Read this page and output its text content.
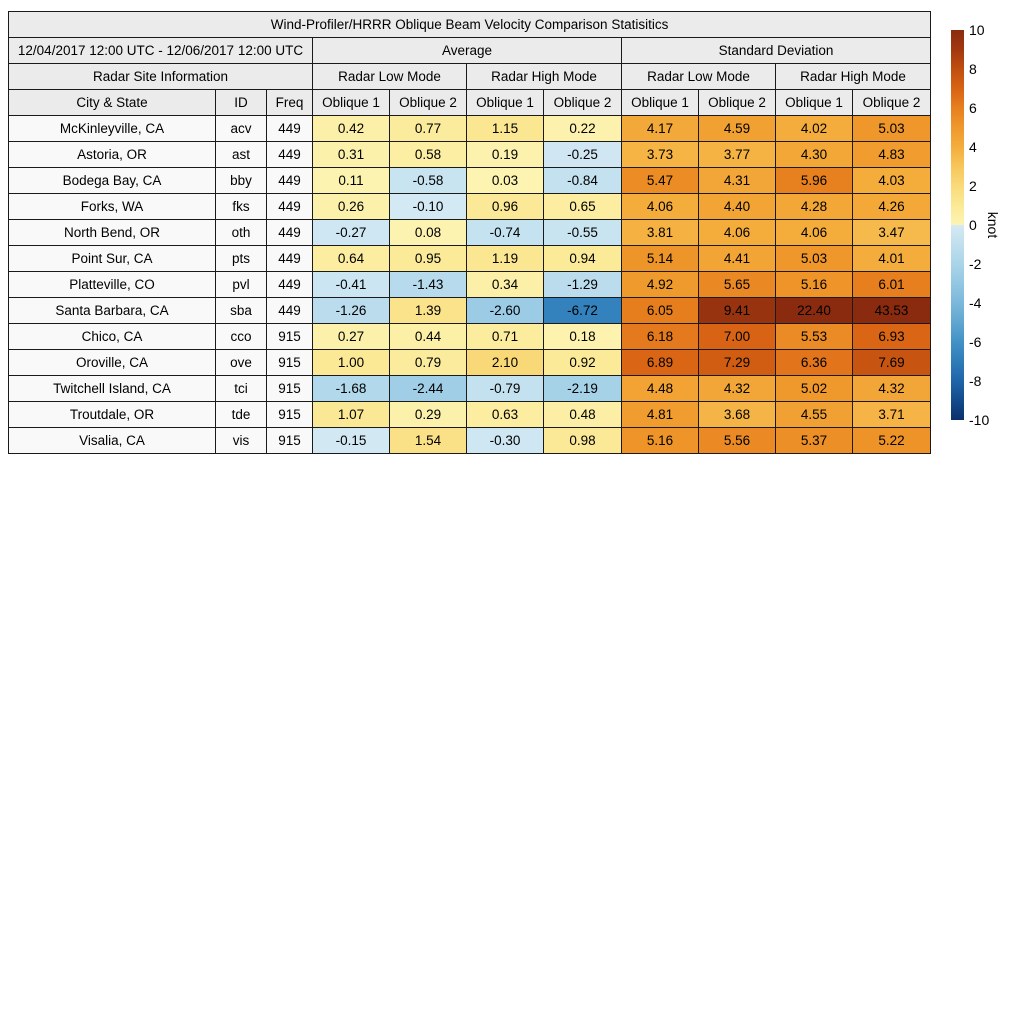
Wind-Profiler/HRRR Oblique Beam Velocity Comparison Statisitics										
12/04/2017 12:00 UTC - 12/06/2017 12:00 UTC			Average				Standard Deviation			
Radar Site Information			Radar Low Mode		Radar High Mode		Radar Low Mode		Radar High Mode	
City & State	ID	Freq	Oblique 1	Oblique 2	Oblique 1	Oblique 2	Oblique 1	Oblique 2	Oblique 1	Oblique 2
McKinleyville, CA	acv	449	0.42	0.77	1.15	0.22	4.17	4.59	4.02	5.03
Astoria, OR	ast	449	0.31	0.58	0.19	-0.25	3.73	3.77	4.30	4.83
Bodega Bay, CA	bby	449	0.11	-0.58	0.03	-0.84	5.47	4.31	5.96	4.03
Forks, WA	fks	449	0.26	-0.10	0.96	0.65	4.06	4.40	4.28	4.26
North Bend, OR	oth	449	-0.27	0.08	-0.74	-0.55	3.81	4.06	4.06	3.47
Point Sur, CA	pts	449	0.64	0.95	1.19	0.94	5.14	4.41	5.03	4.01
Platteville, CO	pvl	449	-0.41	-1.43	0.34	-1.29	4.92	5.65	5.16	6.01
Santa Barbara, CA	sba	449	-1.26	1.39	-2.60	-6.72	6.05	9.41	22.40	43.53
Chico, CA	cco	915	0.27	0.44	0.71	0.18	6.18	7.00	5.53	6.93
Oroville, CA	ove	915	1.00	0.79	2.10	0.92	6.89	7.29	6.36	7.69
Twitchell Island, CA	tci	915	-1.68	-2.44	-0.79	-2.19	4.48	4.32	5.02	4.32
Troutdale, OR	tde	915	1.07	0.29	0.63	0.48	4.81	3.68	4.55	3.71
Visalia, CA	vis	915	-0.15	1.54	-0.30	0.98	5.16	5.56	5.37	5.22
10
8
6
4
2
0
-2
-4
-6
-8
-10
knot
